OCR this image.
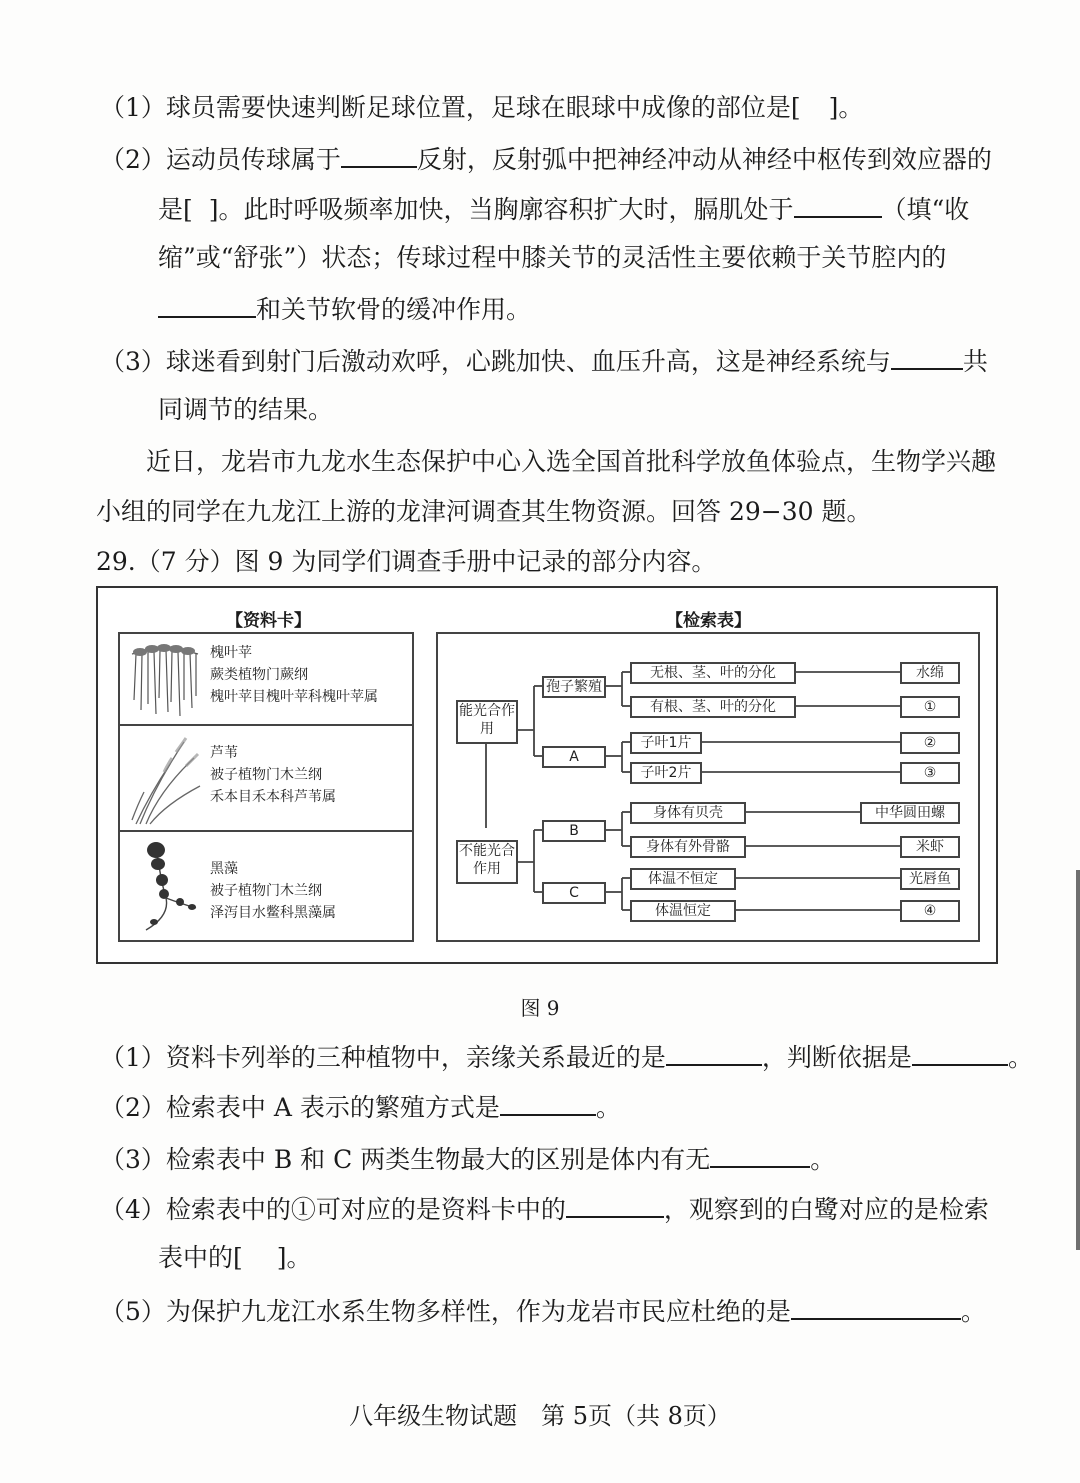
（1）球员需要快速判断足球位置，足球在眼球中成像的部位是[ ]。
（2）运动员传球属于	反射，反射弧中把神经冲动从神经中枢传到效应器的
是[ ]。此时呼吸频率加快，当胸廓容积扩大时，膈肌处于	（填“收
缩”或“舒张”）状态；传球过程中膝关节的灵活性主要依赖于关节腔内的
和关节软骨的缓冲作用。
（3）球迷看到射门后激动欢呼，心跳加快、血压升高，这是神经系统与	共
同调节的结果。
近日，龙岩市九龙水生态保护中心入选全国首批科学放鱼体验点，生物学兴趣
小组的同学在九龙江上游的龙津河调查其生物资源。回答 29−30 题。
29.（7 分）图 9 为同学们调查手册中记录的部分内容。
【资料卡】	【检索表】
槐叶苹
蕨类植物门蕨纲
槐叶苹目槐叶苹科槐叶苹属
芦苇
被子植物门木兰纲
禾本目禾本科芦苇属
黑藻
被子植物门木兰纲
泽泻目水鳖科黑藻属
能光合作用
不能光合作用
孢子繁殖
A
B
C
无根、茎、叶的分化
有根、茎、叶的分化
子叶1片
子叶2片
身体有贝壳
身体有外骨骼
体温不恒定
体温恒定
水绵
①
②
③
中华圆田螺
米虾
光唇鱼
④
图 9
（1）资料卡列举的三种植物中，亲缘关系最近的是	，判断依据是	。
（2）检索表中 A 表示的繁殖方式是	。
（3）检索表中 B 和 C 两类生物最大的区别是体内有无	。
（4）检索表中的①可对应的是资料卡中的	，观察到的白鹭对应的是检索
表中的[ ]。
（5）为保护九龙江水系生物多样性，作为龙岩市民应杜绝的是	。
八年级生物试题　第 5页（共 8页）
